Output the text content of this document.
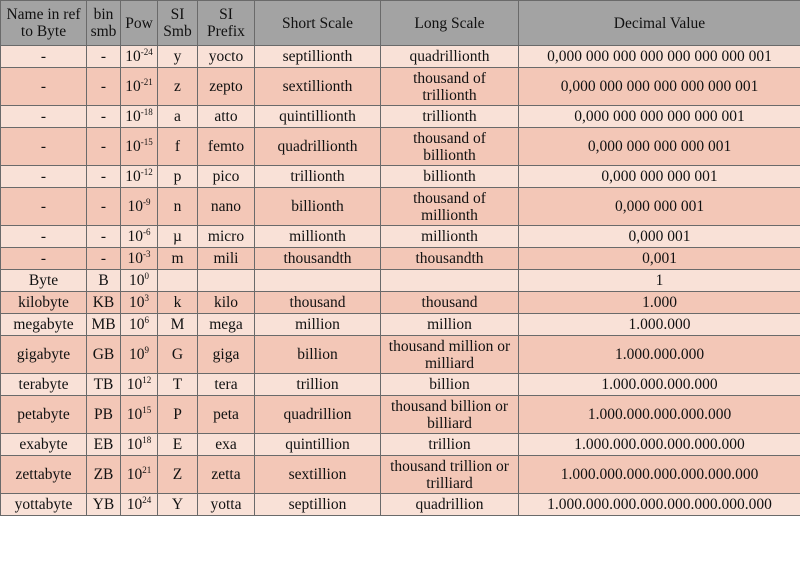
Name in ref to Byte	bin smb	Pow	SI Smb	SI Prefix	Short Scale	Long Scale	Decimal Value
-	-	$10^{-24}$	y	yocto	septillionth	quadrillionth	0,000 000 000 000 000 000 000 001
-	-	$10^{-21}$	z	zepto	sextillionth	thousand of trillionth	0,000 000 000 000 000 000 001
-	-	$10^{-18}$	a	atto	quintillionth	trillionth	0,000 000 000 000 000 001
-	-	$10^{-15}$	f	femto	quadrillionth	thousand of billionth	0,000 000 000 000 001
-	-	$10^{-12}$	p	pico	trillionth	billionth	0,000 000 000 001
-	-	$10^{-9}$	n	nano	billionth	thousand of millionth	0,000 000 001
-	-	$10^{-6}$	µ	micro	millionth	millionth	0,000 001
-	-	$10^{-3}$	m	mili	thousandth	thousandth	0,001
Byte	B	$10^0$					1
kilobyte	KB	$10^3$	k	kilo	thousand	thousand	1.000
megabyte	MB	$10^6$	M	mega	million	million	1.000.000
gigabyte	GB	$10^9$	G	giga	billion	thousand million or milliard	1.000.000.000
terabyte	TB	$10^{12}$	T	tera	trillion	billion	1.000.000.000.000
petabyte	PB	$10^{15}$	P	peta	quadrillion	thousand billion or billiard	1.000.000.000.000.000
exabyte	EB	$10^{18}$	E	exa	quintillion	trillion	1.000.000.000.000.000.000
zettabyte	ZB	$10^{21}$	Z	zetta	sextillion	thousand trillion or trilliard	1.000.000.000.000.000.000.000
yottabyte	YB	$10^{24}$	Y	yotta	septillion	quadrillion	1.000.000.000.000.000.000.000.000
